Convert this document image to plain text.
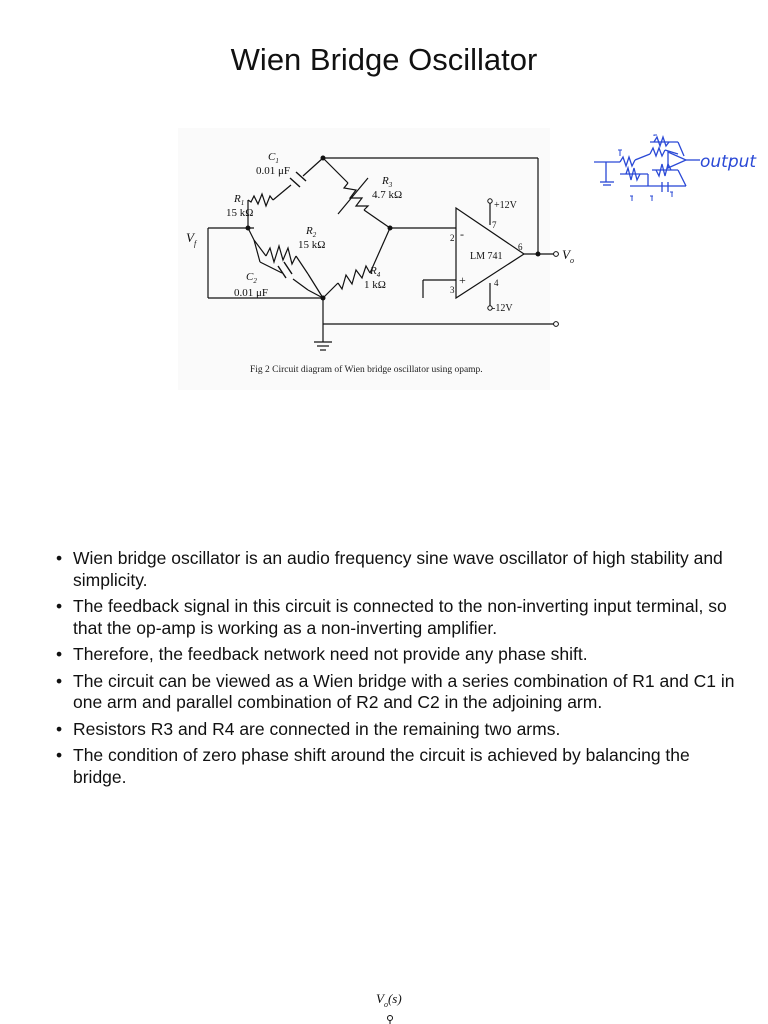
Wien Bridge Oscillator
$C_1$
0.01 μF
$R_1$
15 kΩ
$R_2$
15 kΩ
$C_2$
0.01 μF
$R_3$
4.7 kΩ
$R_4$
1 kΩ
$V_f$
$V_o$
LM 741
+12V
-12V
2
3
4
6
7
-
+
Fig 2 Circuit diagram of Wien bridge oscillator using opamp.
output
• Wien bridge oscillator is an audio frequency sine wave oscillator of high stability and simplicity.
• The feedback signal in this circuit is connected to the non-inverting input terminal, so that the op-amp is working as a non-inverting amplifier.
• Therefore, the feedback network need not provide any phase shift.
• The circuit can be viewed as a Wien bridge with a series combination of R1 and C1 in one arm and parallel combination of R2 and C2 in the adjoining arm.
• Resistors R3 and R4 are connected in the remaining two arms.
• The condition of zero phase shift around the circuit is achieved by balancing the bridge.
$V_o(s)$
